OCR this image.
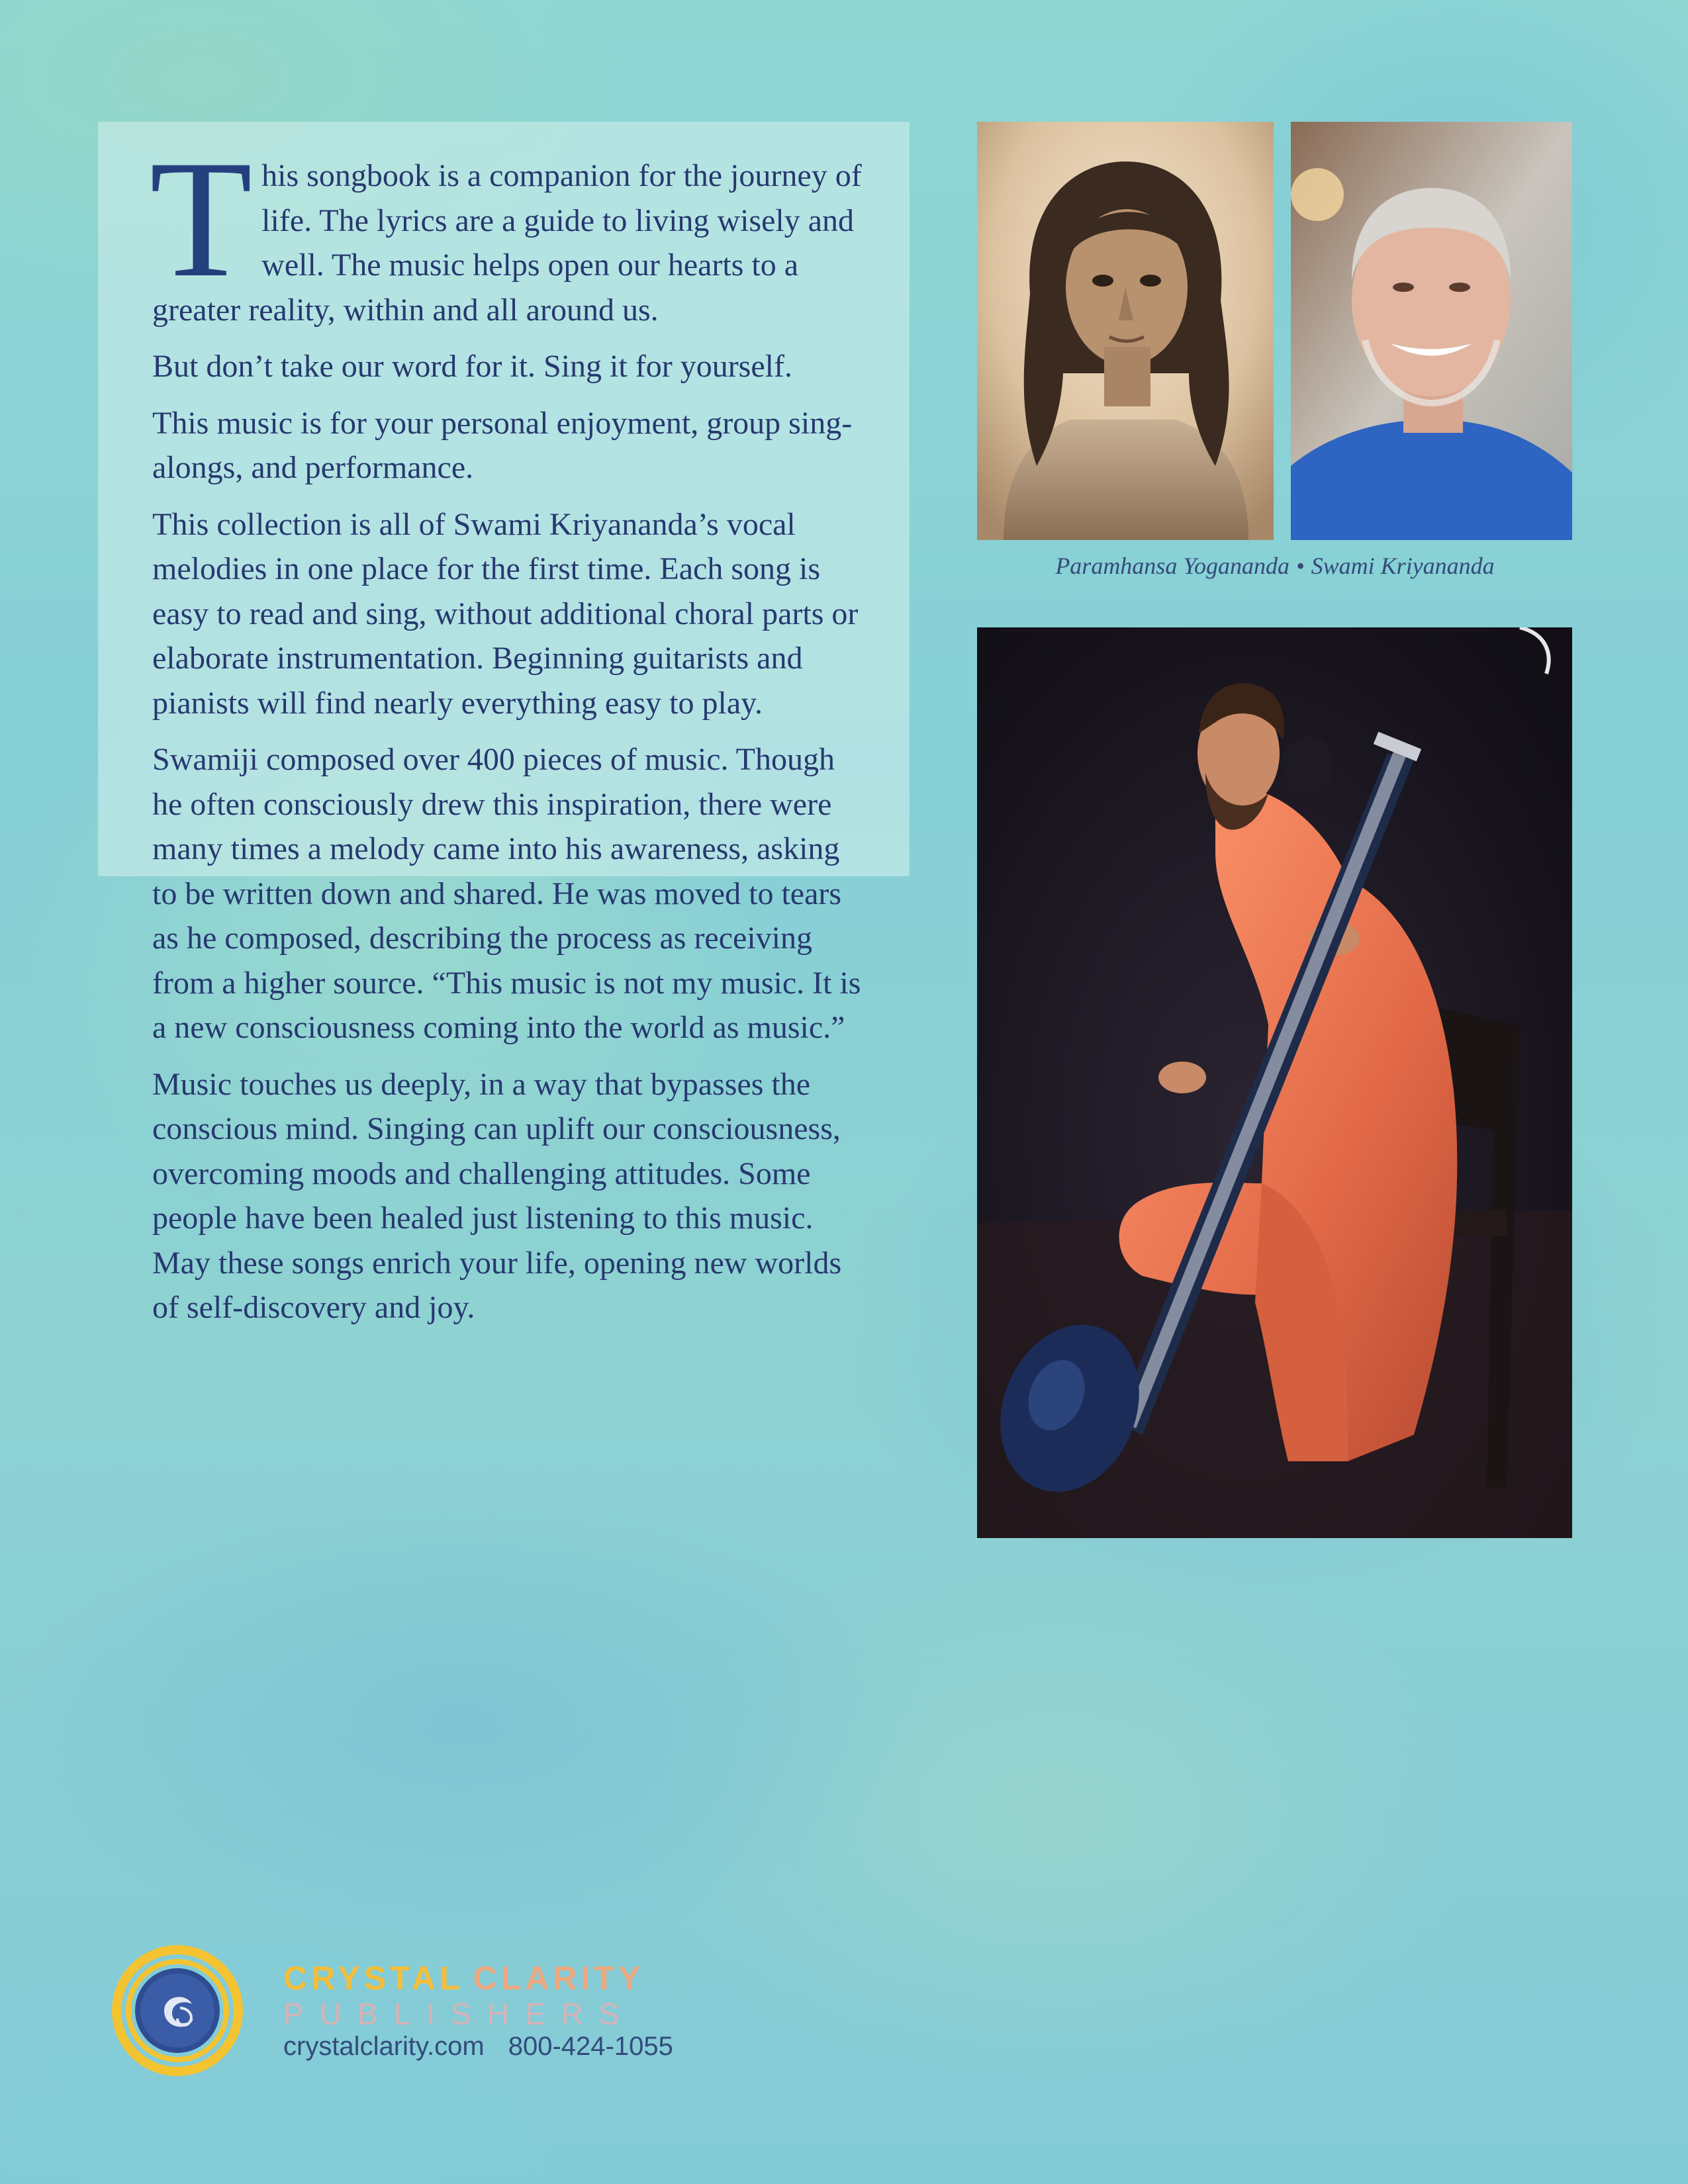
This songbook is a companion for the journey of life. The lyrics are a guide to living wisely and well. The music helps open our hearts to a greater reality, within and all around us.

But don’t take our word for it. Sing it for yourself.

This music is for your personal enjoyment, group sing-alongs, and performance.

This collection is all of Swami Kriyananda’s vocal melodies in one place for the first time. Each song is easy to read and sing, without additional choral parts or elaborate instrumentation. Beginning guitarists and pianists will find nearly everything easy to play.

Swamiji composed over 400 pieces of music. Though he often consciously drew this inspiration, there were many times a melody came into his awareness, asking to be written down and shared. He was moved to tears as he composed, describing the process as receiving from a higher source. “This music is not my music. It is a new consciousness coming into the world as music.”

Music touches us deeply, in a way that bypasses the conscious mind. Singing can uplift our consciousness, overcoming moods and challenging attitudes. Some people have been healed just listening to this music. May these songs enrich your life, opening new worlds of self-discovery and joy.

Paramhansa Yogananda • Swami Kriyananda
CRYSTAL CLARITY
PUBLISHERS
crystalclarity.com 800-424-1055
